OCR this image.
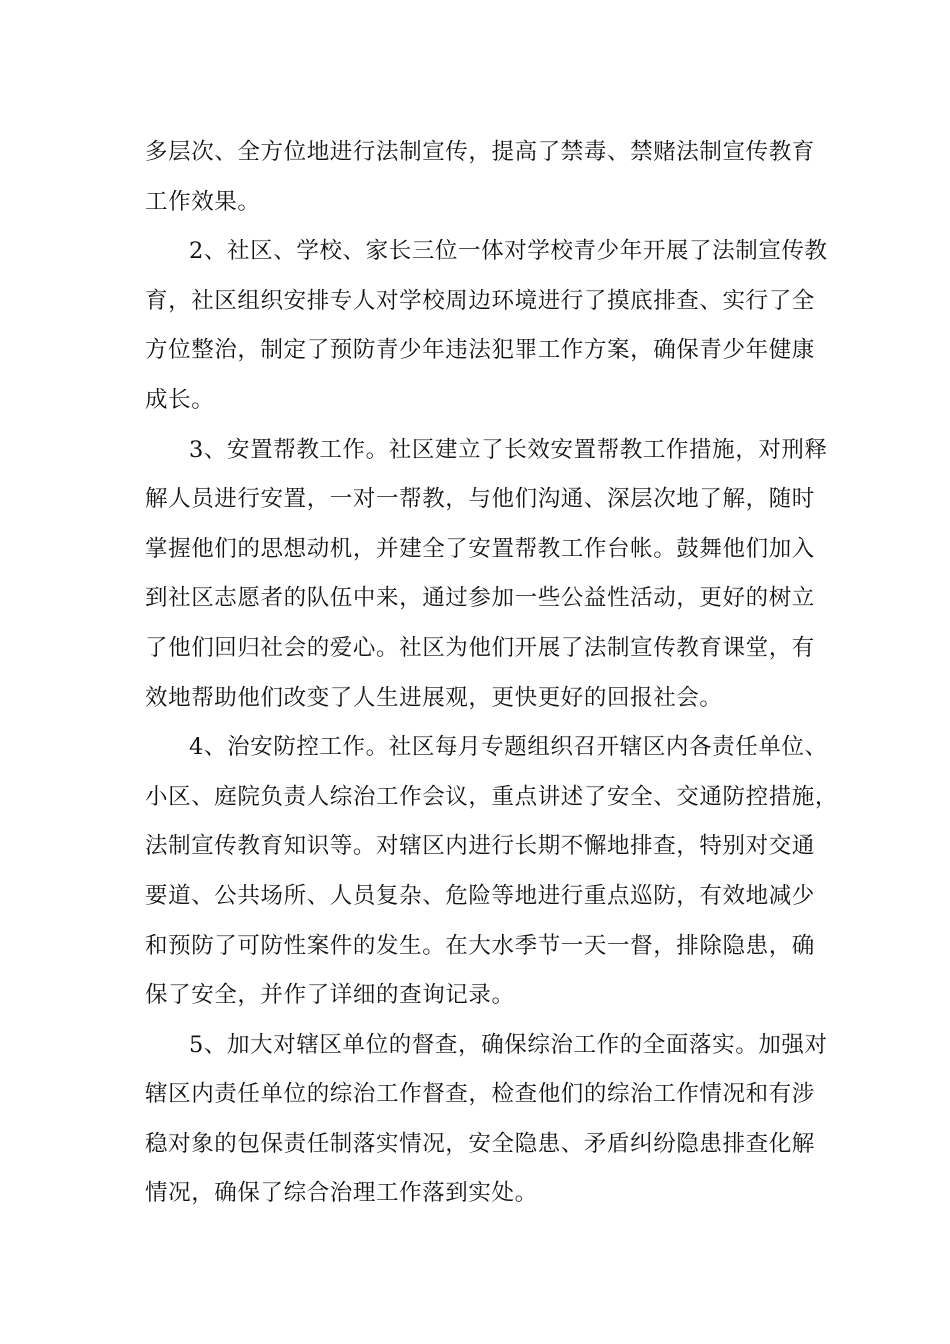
多层次、全方位地进行法制宣传，提高了禁毒、禁赌法制宣传教育
工作效果。
2、社区、学校、家长三位一体对学校青少年开展了法制宣传教
育，社区组织安排专人对学校周边环境进行了摸底排查、实行了全
方位整治，制定了预防青少年违法犯罪工作方案，确保青少年健康
成长。
3、安置帮教工作。社区建立了长效安置帮教工作措施，对刑释
解人员进行安置，一对一帮教，与他们沟通、深层次地了解，随时
掌握他们的思想动机，并建全了安置帮教工作台帐。鼓舞他们加入
到社区志愿者的队伍中来，通过参加一些公益性活动，更好的树立
了他们回归社会的爱心。社区为他们开展了法制宣传教育课堂，有
效地帮助他们改变了人生进展观，更快更好的回报社会。
4、治安防控工作。社区每月专题组织召开辖区内各责任单位、
小区、庭院负责人综治工作会议，重点讲述了安全、交通防控措施，
法制宣传教育知识等。对辖区内进行长期不懈地排查，特别对交通
要道、公共场所、人员复杂、危险等地进行重点巡防，有效地减少
和预防了可防性案件的发生。在大水季节一天一督，排除隐患，确
保了安全，并作了详细的查询记录。
5、加大对辖区单位的督查，确保综治工作的全面落实。加强对
辖区内责任单位的综治工作督查，检查他们的综治工作情况和有涉
稳对象的包保责任制落实情况，安全隐患、矛盾纠纷隐患排查化解
情况，确保了综合治理工作落到实处。
